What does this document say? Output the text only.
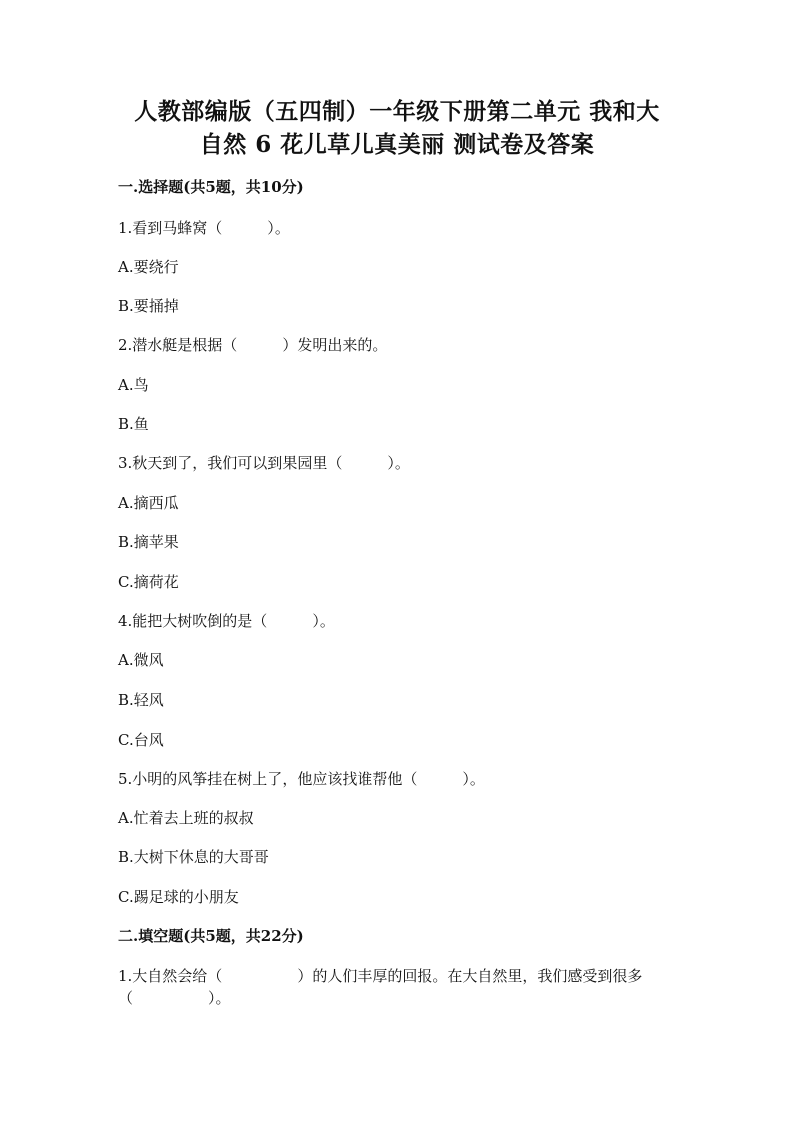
人教部编版（五四制）一年级下册第二单元 我和大
自然 6 花儿草儿真美丽 测试卷及答案
一.选择题(共5题，共10分)
1.看到马蜂窝（　　　）。
A.要绕行
B.要捅掉
2.潜水艇是根据（　　　）发明出来的。
A.鸟
B.鱼
3.秋天到了，我们可以到果园里（　　　）。
A.摘西瓜
B.摘苹果
C.摘荷花
4.能把大树吹倒的是（　　　）。
A.微风
B.轻风
C.台风
5.小明的风筝挂在树上了，他应该找谁帮他（　　　）。
A.忙着去上班的叔叔
B.大树下休息的大哥哥
C.踢足球的小朋友
二.填空题(共5题，共22分)
1.大自然会给（　　　　　）的人们丰厚的回报。在大自然里，我们感受到很多
（　　　　　）。
